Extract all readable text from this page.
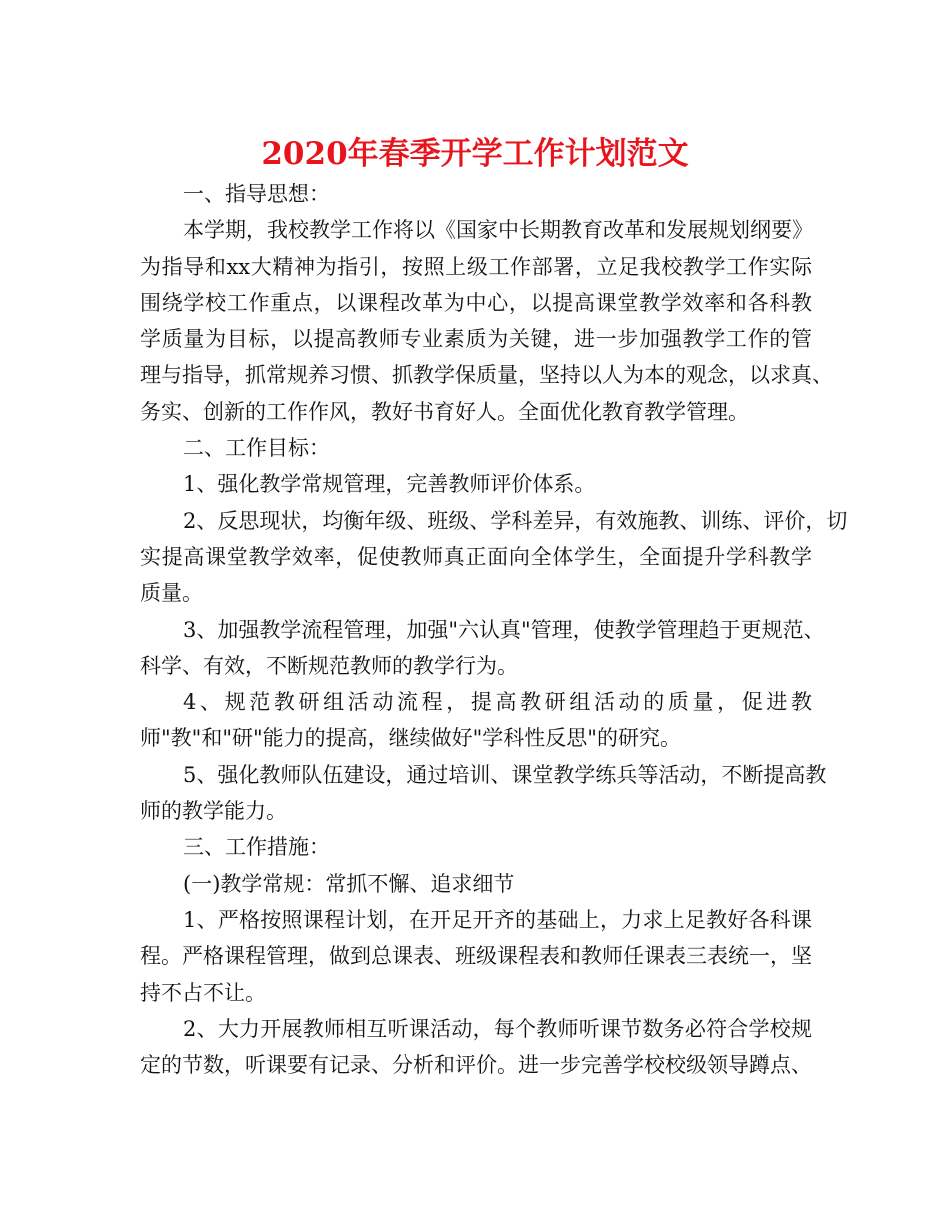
2020年春季开学工作计划范文
一、指导思想：
本学期，我校教学工作将以《国家中长期教育改革和发展规划纲要》
为指导和xx大精神为指引，按照上级工作部署，立足我校教学工作实际
围绕学校工作重点，以课程改革为中心，以提高课堂教学效率和各科教
学质量为目标，以提高教师专业素质为关键，进一步加强教学工作的管
理与指导，抓常规养习惯、抓教学保质量，坚持以人为本的观念，以求真、
务实、创新的工作作风，教好书育好人。全面优化教育教学管理。
二、工作目标：
1、强化教学常规管理，完善教师评价体系。
2、反思现状，均衡年级、班级、学科差异，有效施教、训练、评价，切
实提高课堂教学效率，促使教师真正面向全体学生，全面提升学科教学
质量。
3、加强教学流程管理，加强"六认真"管理，使教学管理趋于更规范、
科学、有效，不断规范教师的教学行为。
4、规范教研组活动流程，提高教研组活动的质量，促进教
师"教"和"研"能力的提高，继续做好"学科性反思"的研究。
5、强化教师队伍建设，通过培训、课堂教学练兵等活动，不断提高教
师的教学能力。
三、工作措施：
(一)教学常规：常抓不懈、追求细节
1、严格按照课程计划，在开足开齐的基础上，力求上足教好各科课
程。严格课程管理，做到总课表、班级课程表和教师任课表三表统一，坚
持不占不让。
2、大力开展教师相互听课活动，每个教师听课节数务必符合学校规
定的节数，听课要有记录、分析和评价。进一步完善学校校级领导蹲点、
